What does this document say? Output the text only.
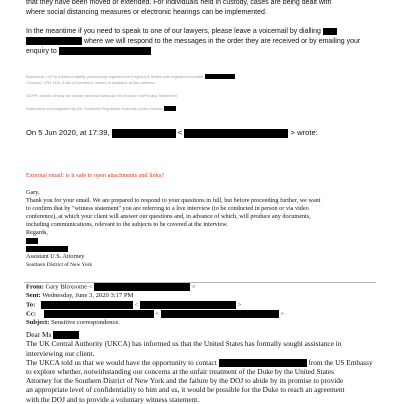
that they have been moved or extended. For individuals held in custody, cases are being dealt with
where social distancing measures or electronic hearings can be implemented.
In the meantime if you need to speak to one of our lawyers, please leave a voicemail by dialling
where we will respond to the messages in the order they are received or by emailing your
enquiry to
Blackfords LLP is a limited liability partnership registered in England & Wales with registered number
Croydon, CR0 1EA. A list of members' names is available at this address.
GDPR: details of how we handle personal data can be found in ourPrivacy Statement
Authorised and regulated by the Solicitors Regulation Authority under number
On 5 Jun 2020, at 17:39,	<	> wrote:
External email: is it safe to open attachments and links?
Gary,
Thank you for your email. We are prepared to respond to your questions in full, but before proceeding further, we want
to confirm that by "witness statement" you are referring to a live interview (to be conducted in person or via video
conference), at which your client will answer our questions and, in advance of which, will produce any documents,
including communications, relevant to the subjects to be covered at the interview.
Regards,
Assistant U.S. Attorney
Southern District of New York
From: Gary Bloxsome <	>
Sent: Wednesday, June 3, 2020 3:17 PM
To:	<	>
Cc:	<	>
Subject: Sensitive correspondence.
Dear Ms
The UK Central Authority (UKCA) has informed us that the United States has formally sought assistance in
interviewing our client.
The UKCA told us that we would have the opportunity to contact	from the US Embassy
to explore whether, notwithstanding our concerns at the unfair treatment of the Duke by the United States
Attorney for the Southern District of New York and the failure by the DOJ to abide by its promise to provide
an appropriate level of confidentiality to him and us, it would be possible for the Duke to reach an agreement
with the DOJ and to provide a voluntary witness statement.
